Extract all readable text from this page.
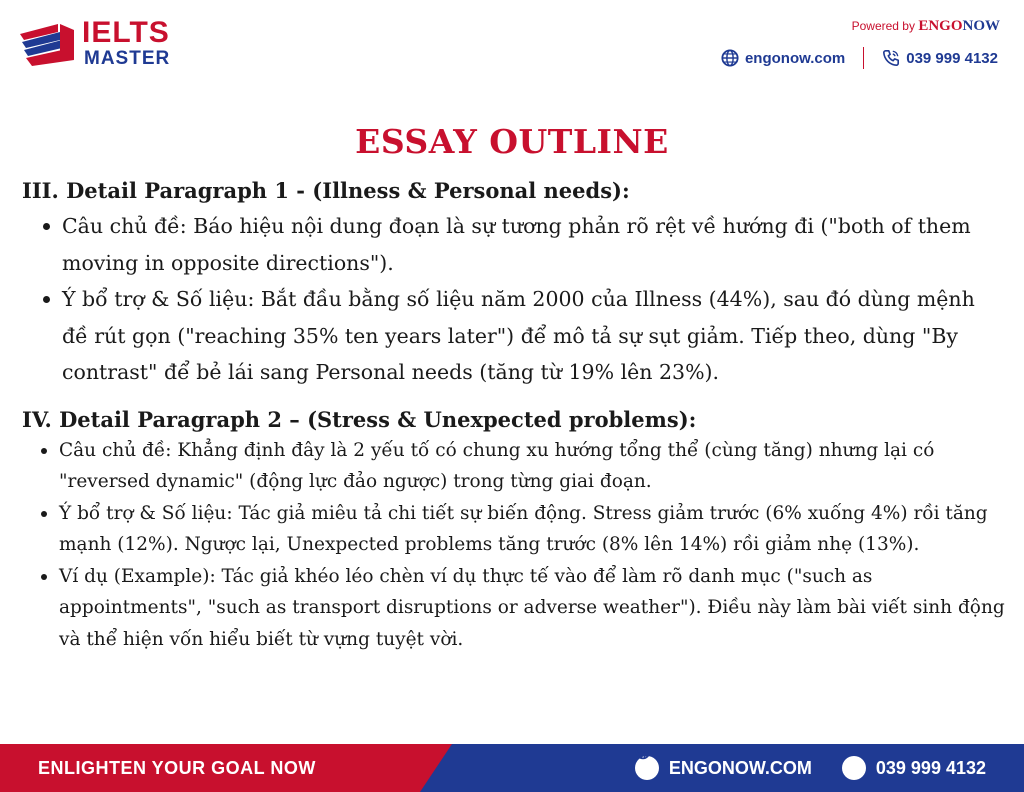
IELTS
MASTER
Powered by ENGONOW
engonow.com	039 999 4132
ESSAY OUTLINE

III. Detail Paragraph 1 - (Illness & Personal needs):

Câu chủ đề: Báo hiệu nội dung đoạn là sự tương phản rõ rệt về hướng đi ("both of them moving in opposite directions").
Ý bổ trợ & Số liệu: Bắt đầu bằng số liệu năm 2000 của Illness (44%), sau đó dùng mệnh đề rút gọn ("reaching 35% ten years later") để mô tả sự sụt giảm. Tiếp theo, dùng "By contrast" để bẻ lái sang Personal needs (tăng từ 19% lên 23%).

IV. Detail Paragraph 2 – (Stress & Unexpected problems):

Câu chủ đề: Khẳng định đây là 2 yếu tố có chung xu hướng tổng thể (cùng tăng) nhưng lại có "reversed dynamic" (động lực đảo ngược) trong từng giai đoạn.
Ý bổ trợ & Số liệu: Tác giả miêu tả chi tiết sự biến động. Stress giảm trước (6% xuống 4%) rồi tăng mạnh (12%). Ngược lại, Unexpected problems tăng trước (8% lên 14%) rồi giảm nhẹ (13%).
Ví dụ (Example): Tác giả khéo léo chèn ví dụ thực tế vào để làm rõ danh mục ("such as appointments", "such as transport disruptions or adverse weather"). Điều này làm bài viết sinh động và thể hiện vốn hiểu biết từ vựng tuyệt vời.
ENLIGHTEN YOUR GOAL NOW	ENGONOW.COM	039 999 4132
